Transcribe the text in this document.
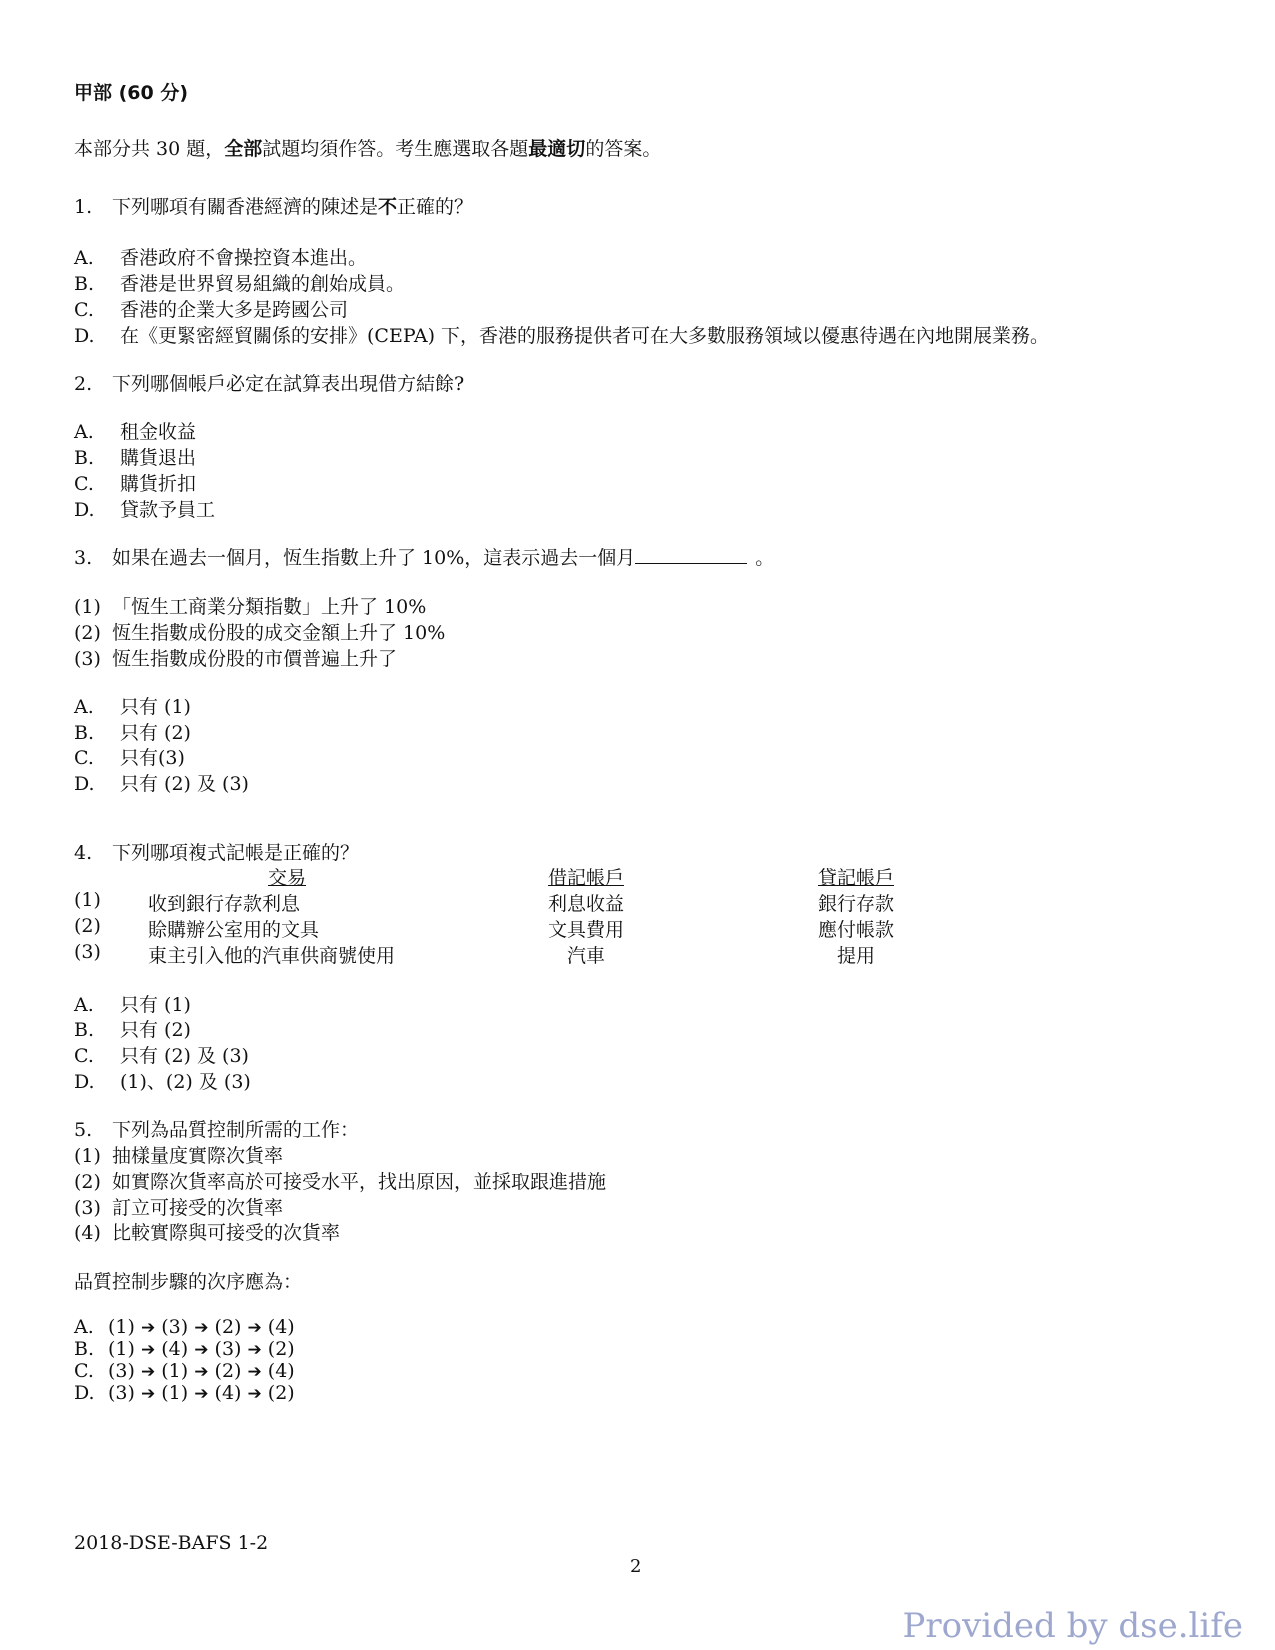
甲部 (60 分)
本部分共 30 題，全部試題均須作答。考生應選取各題最適切的答案。
1. 下列哪項有關香港經濟的陳述是不正確的？
A. 香港政府不會操控資本進出。
B. 香港是世界貿易組織的創始成員。
C. 香港的企業大多是跨國公司
D. 在《更緊密經貿關係的安排》(CEPA) 下，香港的服務提供者可在大多數服務領域以優惠待遇在內地開展業務。
2. 下列哪個帳戶必定在試算表出現借方結餘?
A. 租金收益
B. 購貨退出
C. 購貨折扣
D. 貸款予員工
3. 如果在過去一個月，恆生指數上升了 10%，這表示過去一個月	。
(1) 「恆生工商業分類指數」上升了 10%
(2) 恆生指數成份股的成交金額上升了 10%
(3) 恆生指數成份股的市價普遍上升了
A. 只有 (1)
B. 只有 (2)
C. 只有(3)
D. 只有 (2) 及 (3)
4. 下列哪項複式記帳是正確的？
交易	借記帳戶	貸記帳戶
(1) 收到銀行存款利息	利息收益	銀行存款
(2) 賒購辦公室用的文具	文具費用	應付帳款
(3) 東主引入他的汽車供商號使用	汽車	提用
A. 只有 (1)
B. 只有 (2)
C. 只有 (2) 及 (3)
D. (1)、(2) 及 (3)
5. 下列為品質控制所需的工作：
(1) 抽樣量度實際次貨率
(2) 如實際次貨率高於可接受水平，找出原因，並採取跟進措施
(3) 訂立可接受的次貨率
(4) 比較實際與可接受的次貨率
品質控制步驟的次序應為：
A. (1) ➔ (3) ➔ (2) ➔ (4)
B. (1) ➔ (4) ➔ (3) ➔ (2)
C. (3) ➔ (1) ➔ (2) ➔ (4)
D. (3) ➔ (1) ➔ (4) ➔ (2)
2018-DSE-BAFS 1-2
2
Provided by dse.life
